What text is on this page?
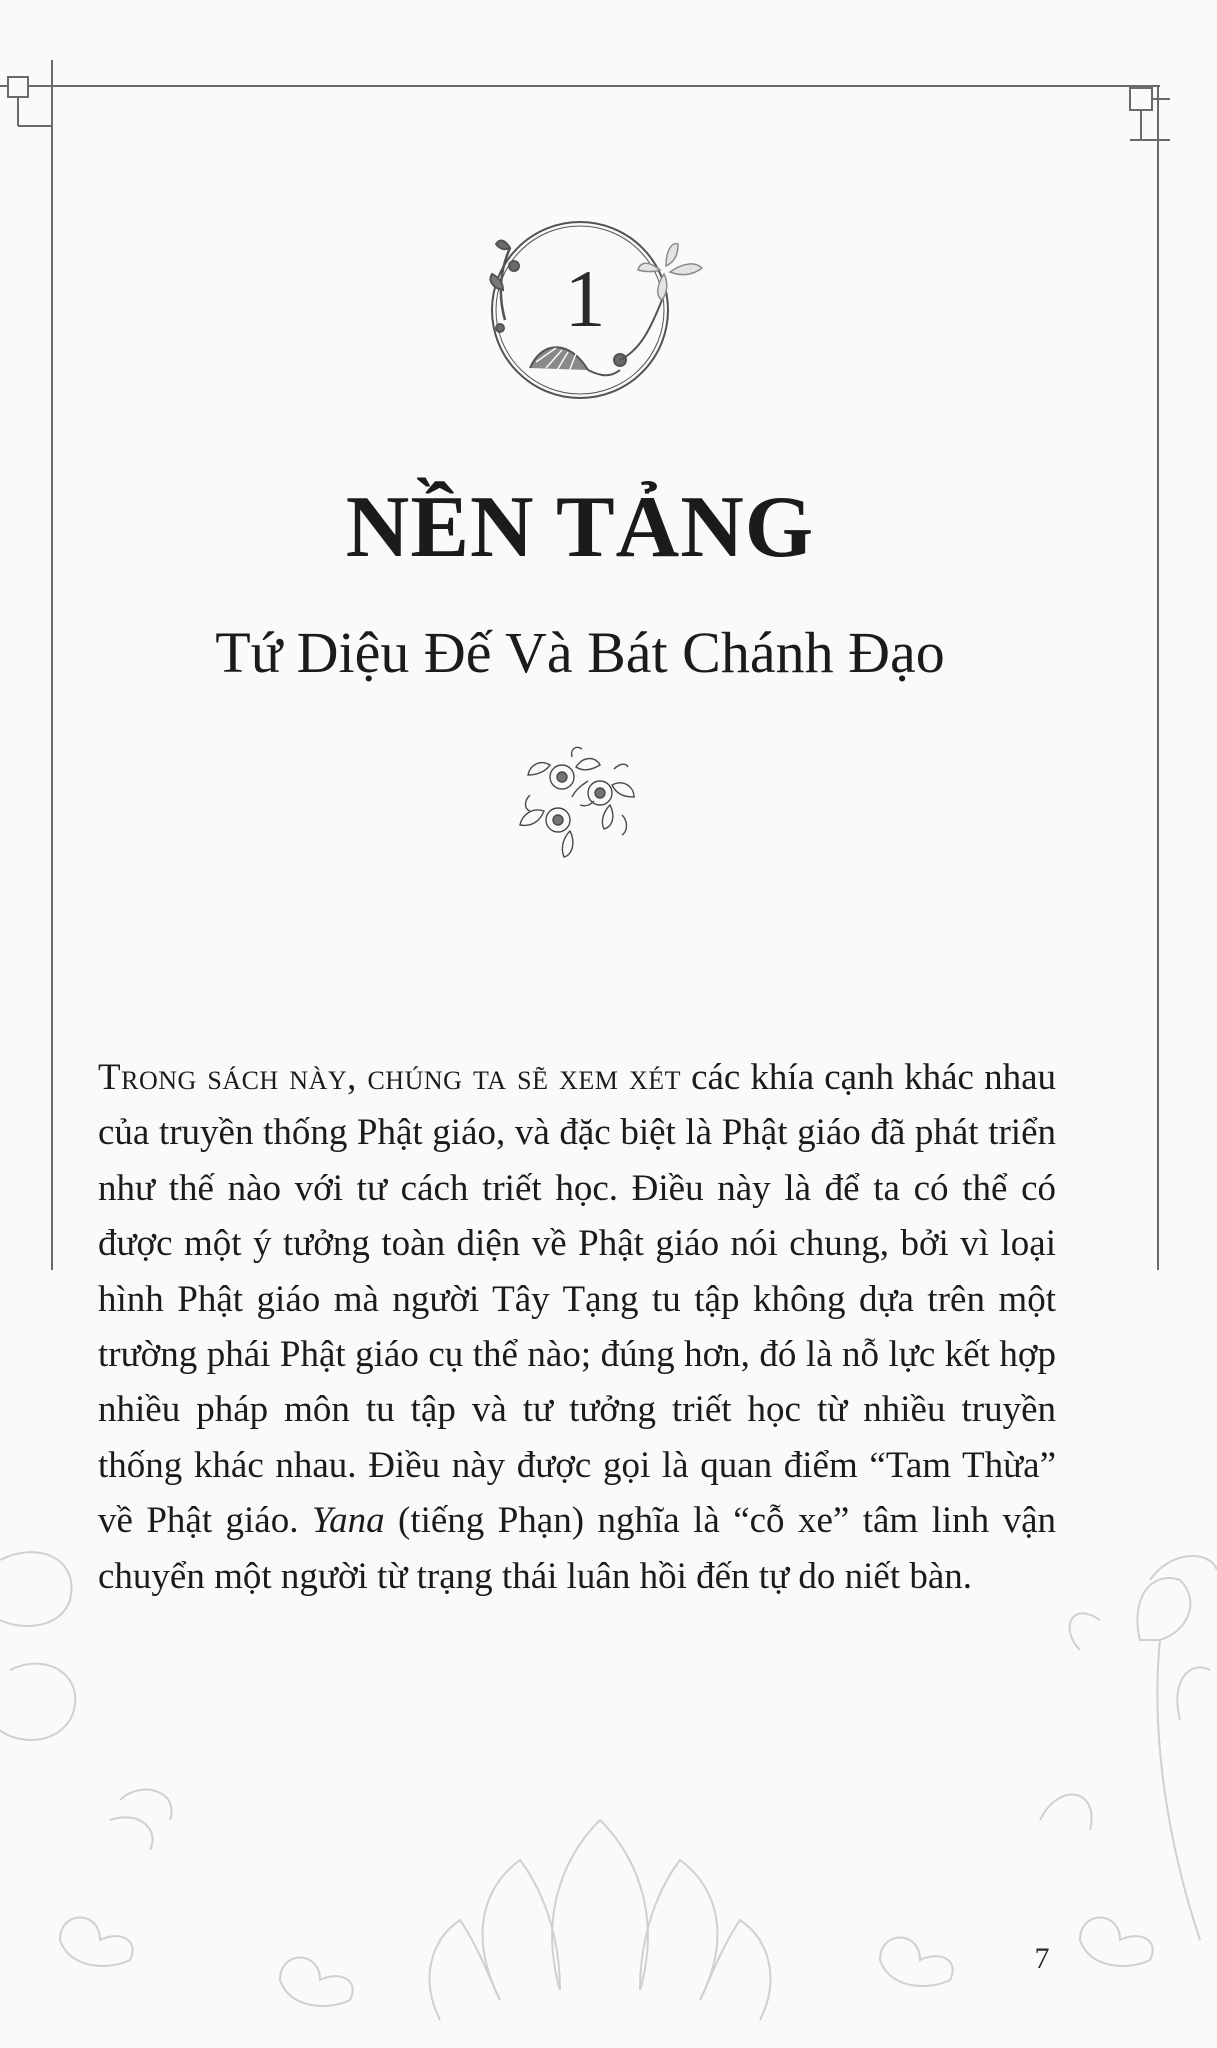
1
NỀN TẢNG
Tứ Diệu Đế Và Bát Chánh Đạo
Trong sách này, chúng ta sẽ xem xét các khía cạnh khác nhau của truyền thống Phật giáo, và đặc biệt là Phật giáo đã phát triển như thế nào với tư cách triết học. Điều này là để ta có thể có được một ý tưởng toàn diện về Phật giáo nói chung, bởi vì loại hình Phật giáo mà người Tây Tạng tu tập không dựa trên một trường phái Phật giáo cụ thể nào; đúng hơn, đó là nỗ lực kết hợp nhiều pháp môn tu tập và tư tưởng triết học từ nhiều truyền thống khác nhau. Điều này được gọi là quan điểm “Tam Thừa” về Phật giáo. Yana (tiếng Phạn) nghĩa là “cỗ xe” tâm linh vận chuyển một người từ trạng thái luân hồi đến tự do niết bàn.
7
